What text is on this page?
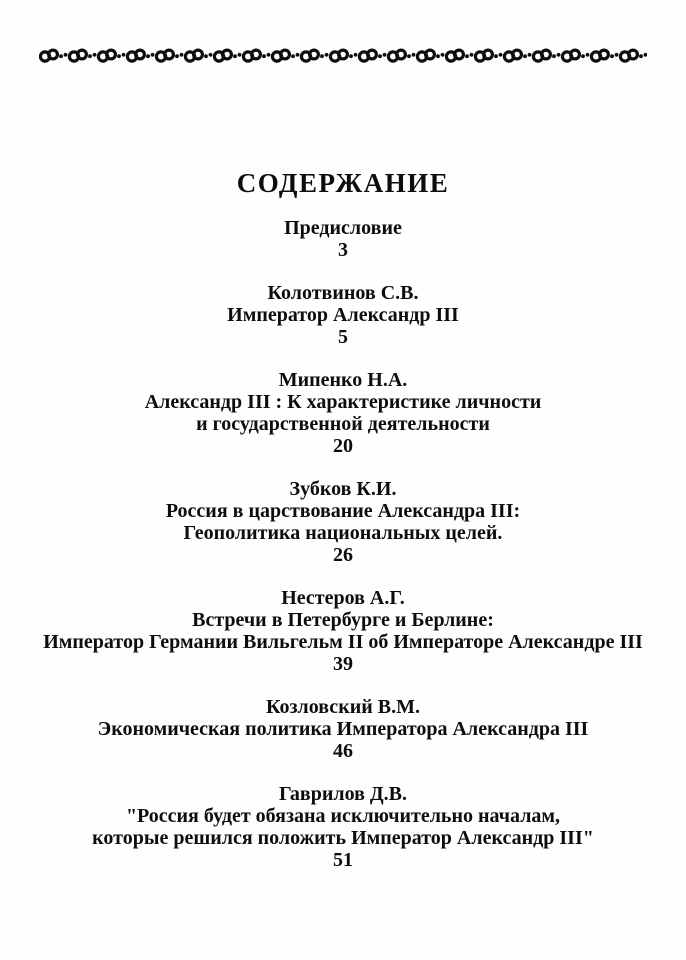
СОДЕРЖАНИЕ
Предисловие
3
Колотвинов С.В.
Император Александр III
5
Мипенко Н.А.
Александр III : К характеристике личности
и государственной деятельности
20
Зубков К.И.
Россия в царствование Александра III:
Геополитика национальных целей.
26
Нестеров А.Г.
Встречи в Петербурге и Берлине:
Император Германии Вильгельм II об Императоре Александре III
39
Козловский В.М.
Экономическая политика Императора Александра III
46
Гаврилов Д.В.
"Россия будет обязана исключительно началам,
которые решился положить Император Александр III"
51
